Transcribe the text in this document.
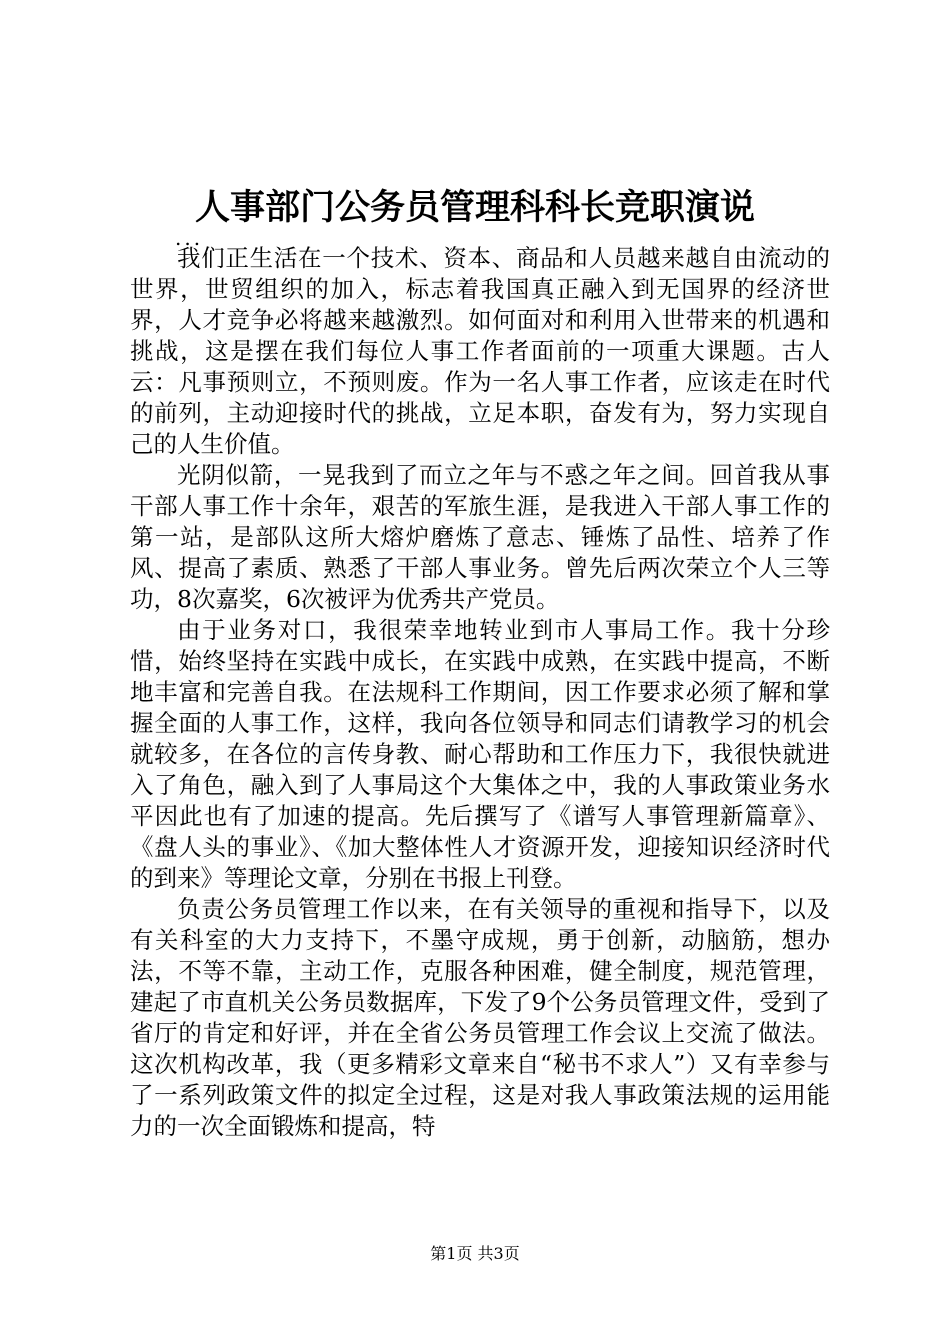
人事部门公务员管理科科长竞职演说
...

我们正生活在一个技术、资本、商品和人员越来越自由流动的世界，世贸组织的加入，标志着我国真正融入到无国界的经济世界，人才竞争必将越来越激烈。如何面对和利用入世带来的机遇和挑战，这是摆在我们每位人事工作者面前的一项重大课题。古人云：凡事预则立，不预则废。作为一名人事工作者，应该走在时代的前列，主动迎接时代的挑战，立足本职，奋发有为，努力实现自己的人生价值。

光阴似箭，一晃我到了而立之年与不惑之年之间。回首我从事干部人事工作十余年，艰苦的军旅生涯，是我进入干部人事工作的第一站，是部队这所大熔炉磨炼了意志、锤炼了品性、培养了作风、提高了素质、熟悉了干部人事业务。曾先后两次荣立个人三等功，8次嘉奖，6次被评为优秀共产党员。

由于业务对口，我很荣幸地转业到市人事局工作。我十分珍惜，始终坚持在实践中成长，在实践中成熟，在实践中提高，不断地丰富和完善自我。在法规科工作期间，因工作要求必须了解和掌握全面的人事工作，这样，我向各位领导和同志们请教学习的机会就较多，在各位的言传身教、耐心帮助和工作压力下，我很快就进入了角色，融入到了人事局这个大集体之中，我的人事政策业务水平因此也有了加速的提高。先后撰写了《谱写人事管理新篇章》、《盘人头的事业》、《加大整体性人才资源开发，迎接知识经济时代的到来》等理论文章，分别在书报上刊登。

负责公务员管理工作以来，在有关领导的重视和指导下，以及有关科室的大力支持下，不墨守成规，勇于创新，动脑筋，想办法，不等不靠，主动工作，克服各种困难，健全制度，规范管理，建起了市直机关公务员数据库，下发了9个公务员管理文件，受到了省厅的肯定和好评，并在全省公务员管理工作会议上交流了做法。这次机构改革，我（更多精彩文章来自“秘书不求人”）又有幸参与了一系列政策文件的拟定全过程，这是对我人事政策法规的运用能力的一次全面锻炼和提高，特

第1页 共3页
